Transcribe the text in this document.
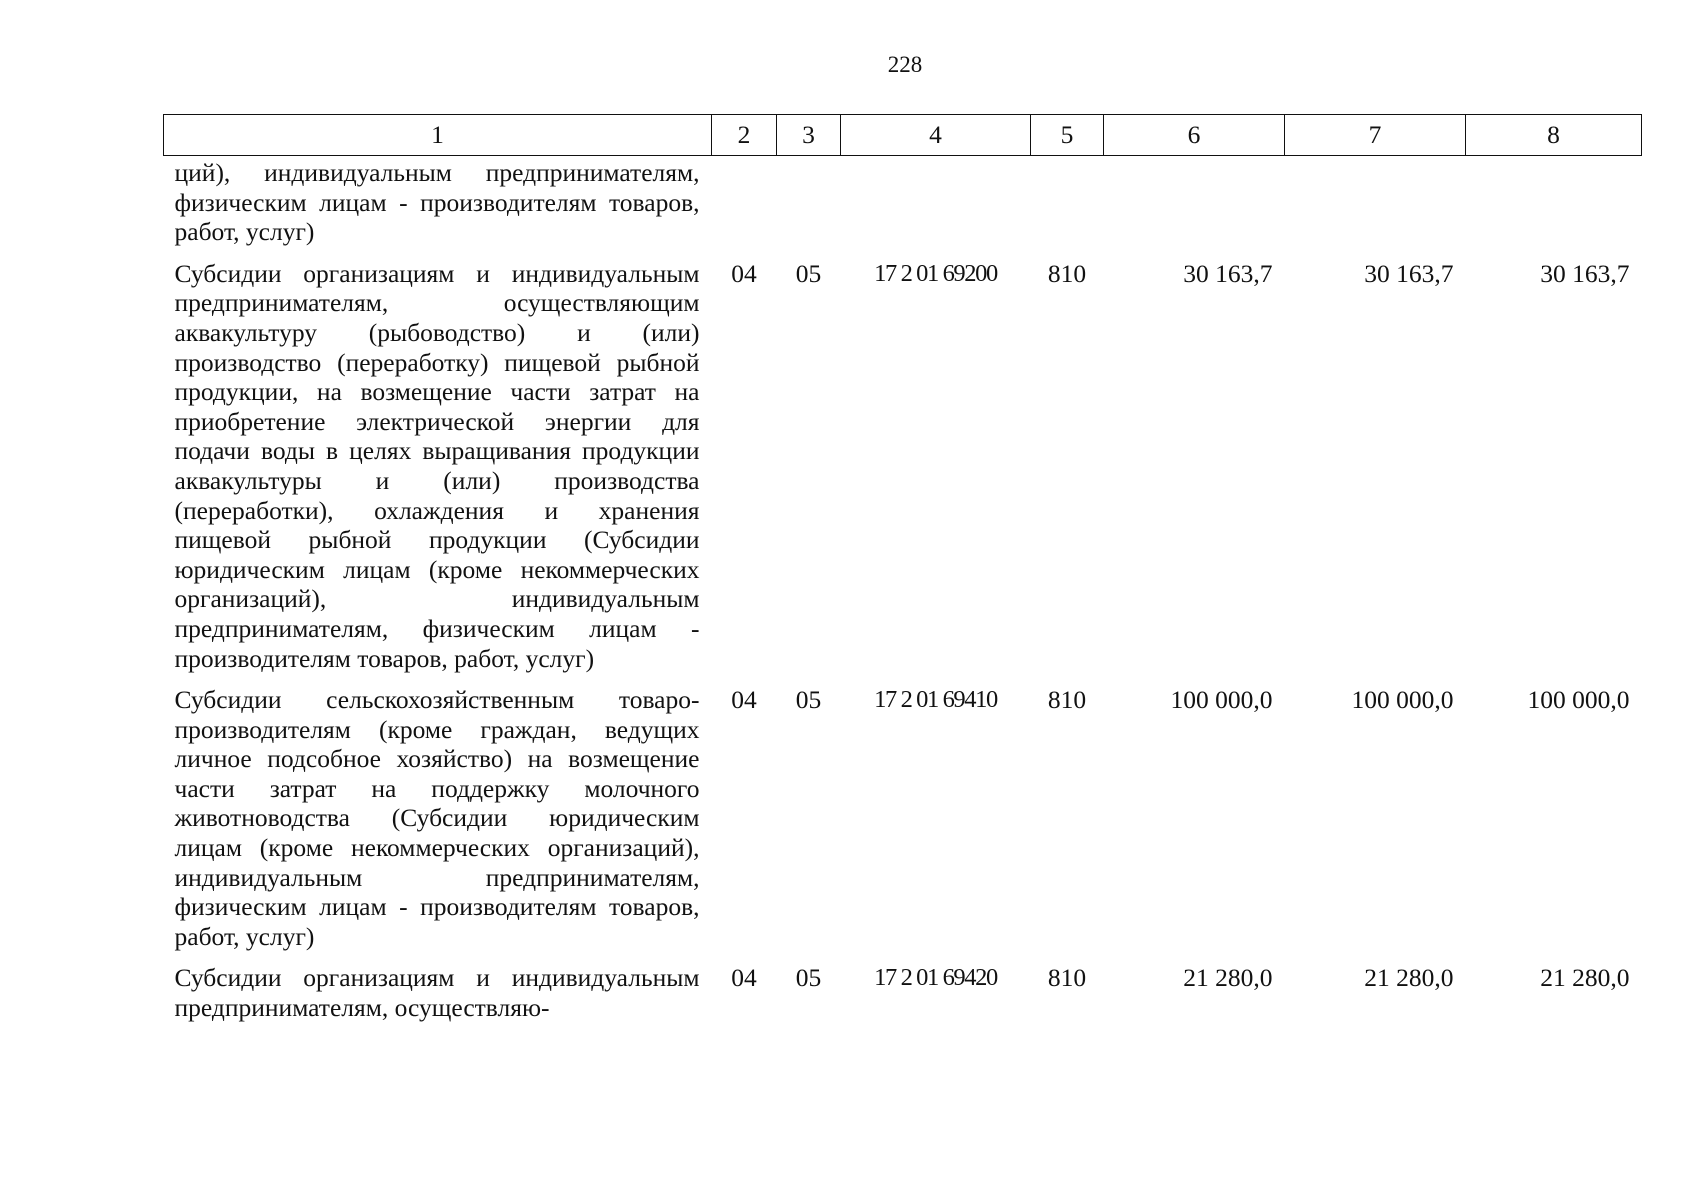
228
1	2	3	4	5	6	7	8
ций), индивидуальным предпринимателям, физическим лицам - производителям товаров, работ, услуг)							

Субсидии организациям и индивидуальным предпринимателям, осуществляющим аквакультуру (рыбоводство) и (или) производство (переработку) пищевой рыбной продукции, на возмещение части затрат на приобретение электрической энергии для подачи воды в целях выращивания продукции аквакультуры и (или) производства (переработки), охлаждения и хранения пищевой рыбной продукции (Субсидии юридическим лицам (кроме некоммерческих организаций), индивидуальным предпринимателям, физическим лицам - производителям товаров, работ, услуг)	04	05	17 2 01 69200	810	30 163,7	30 163,7	30 163,7

Субсидии сельскохозяйственным товаропроизводителям (кроме граждан, ведущих личное подсобное хозяйство) на возмещение части затрат на поддержку молочного животноводства (Субсидии юридическим лицам (кроме некоммерческих организаций), индивидуальным предпринимателям, физическим лицам - производителям товаров, работ, услуг)	04	05	17 2 01 69410	810	100 000,0	100 000,0	100 000,0

Субсидии организациям и индивидуальным предпринимателям, осуществляю-	04	05	17 2 01 69420	810	21 280,0	21 280,0	21 280,0
